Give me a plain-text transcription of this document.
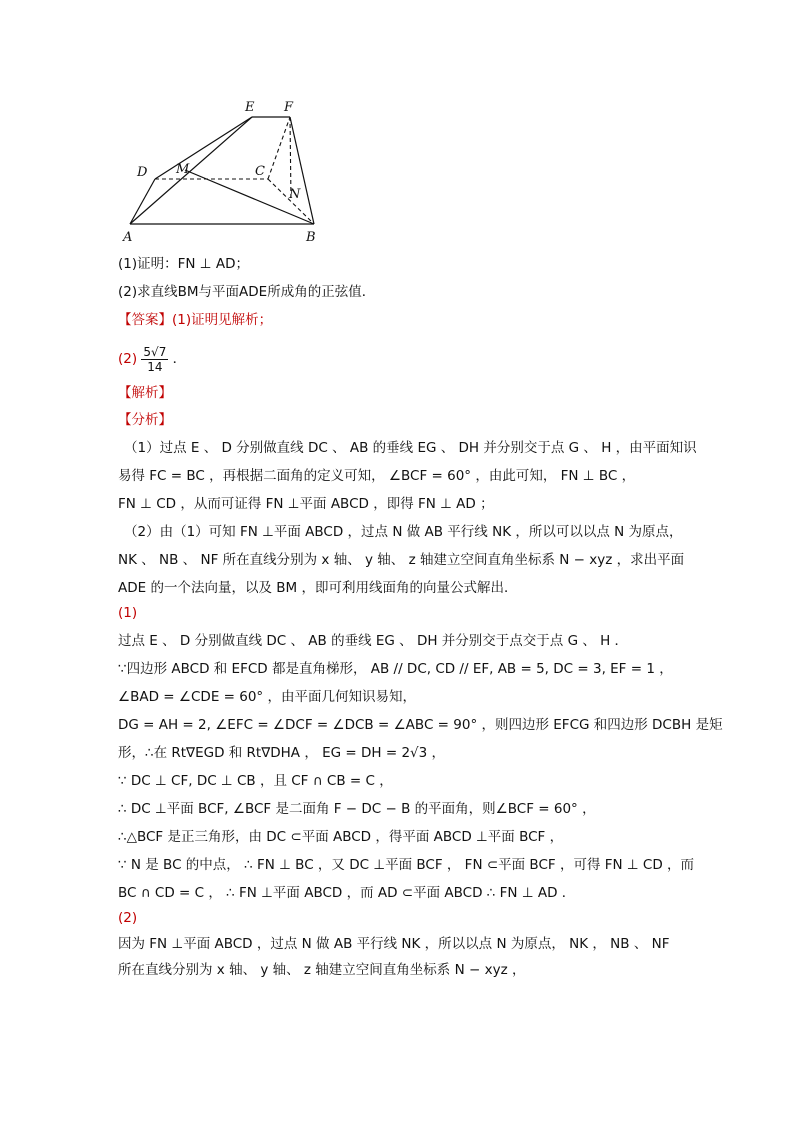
E F
D M	C
N
A	B
(1)证明：FN ⊥ AD；
(2)求直线BM与平面ADE所成角的正弦值．
【答案】(1)证明见解析；
$(2) \frac{5√7}{14}$ ．
【解析】
【分析】
（1）过点 E 、 D 分别做直线 DC 、 AB 的垂线 EG 、 DH 并分别交于点 G 、 H ，由平面知识
易得 FC = BC ，再根据二面角的定义可知， ∠BCF = 60° ，由此可知， FN ⊥ BC ，
FN ⊥ CD ，从而可证得 FN ⊥平面 ABCD ，即得 FN ⊥ AD ；
（2）由（1）可知 FN ⊥平面 ABCD ，过点 N 做 AB 平行线 NK ，所以可以以点 N 为原点，
NK 、 NB 、 NF 所在直线分别为 x 轴、 y 轴、 z 轴建立空间直角坐标系 N − xyz ，求出平面
ADE 的一个法向量，以及 BM ，即可利用线面角的向量公式解出．
(1)
过点 E 、 D 分别做直线 DC 、 AB 的垂线 EG 、 DH 并分别交于点交于点 G 、 H ．
∵四边形 ABCD 和 EFCD 都是直角梯形， AB // DC, CD // EF, AB = 5, DC = 3, EF = 1 ，
∠BAD = ∠CDE = 60° ，由平面几何知识易知，
DG = AH = 2, ∠EFC = ∠DCF = ∠DCB = ∠ABC = 90° ，则四边形 EFCG 和四边形 DCBH 是矩
形，∴在 Rt∇EGD 和 Rt∇DHA ， EG = DH = 2√3 ，
∵ DC ⊥ CF, DC ⊥ CB ，且 CF ∩ CB = C ，
∴ DC ⊥平面 BCF, ∠BCF 是二面角 F − DC − B 的平面角，则∠BCF = 60° ，
∴△BCF 是正三角形，由 DC ⊂平面 ABCD ，得平面 ABCD ⊥平面 BCF ，
∵ N 是 BC 的中点， ∴ FN ⊥ BC ，又 DC ⊥平面 BCF ， FN ⊂平面 BCF ，可得 FN ⊥ CD ，而
BC ∩ CD = C ， ∴ FN ⊥平面 ABCD ，而 AD ⊂平面 ABCD ∴ FN ⊥ AD ．
(2)
因为 FN ⊥平面 ABCD ，过点 N 做 AB 平行线 NK ，所以以点 N 为原点， NK ， NB 、 NF
所在直线分别为 x 轴、 y 轴、 z 轴建立空间直角坐标系 N − xyz ，
